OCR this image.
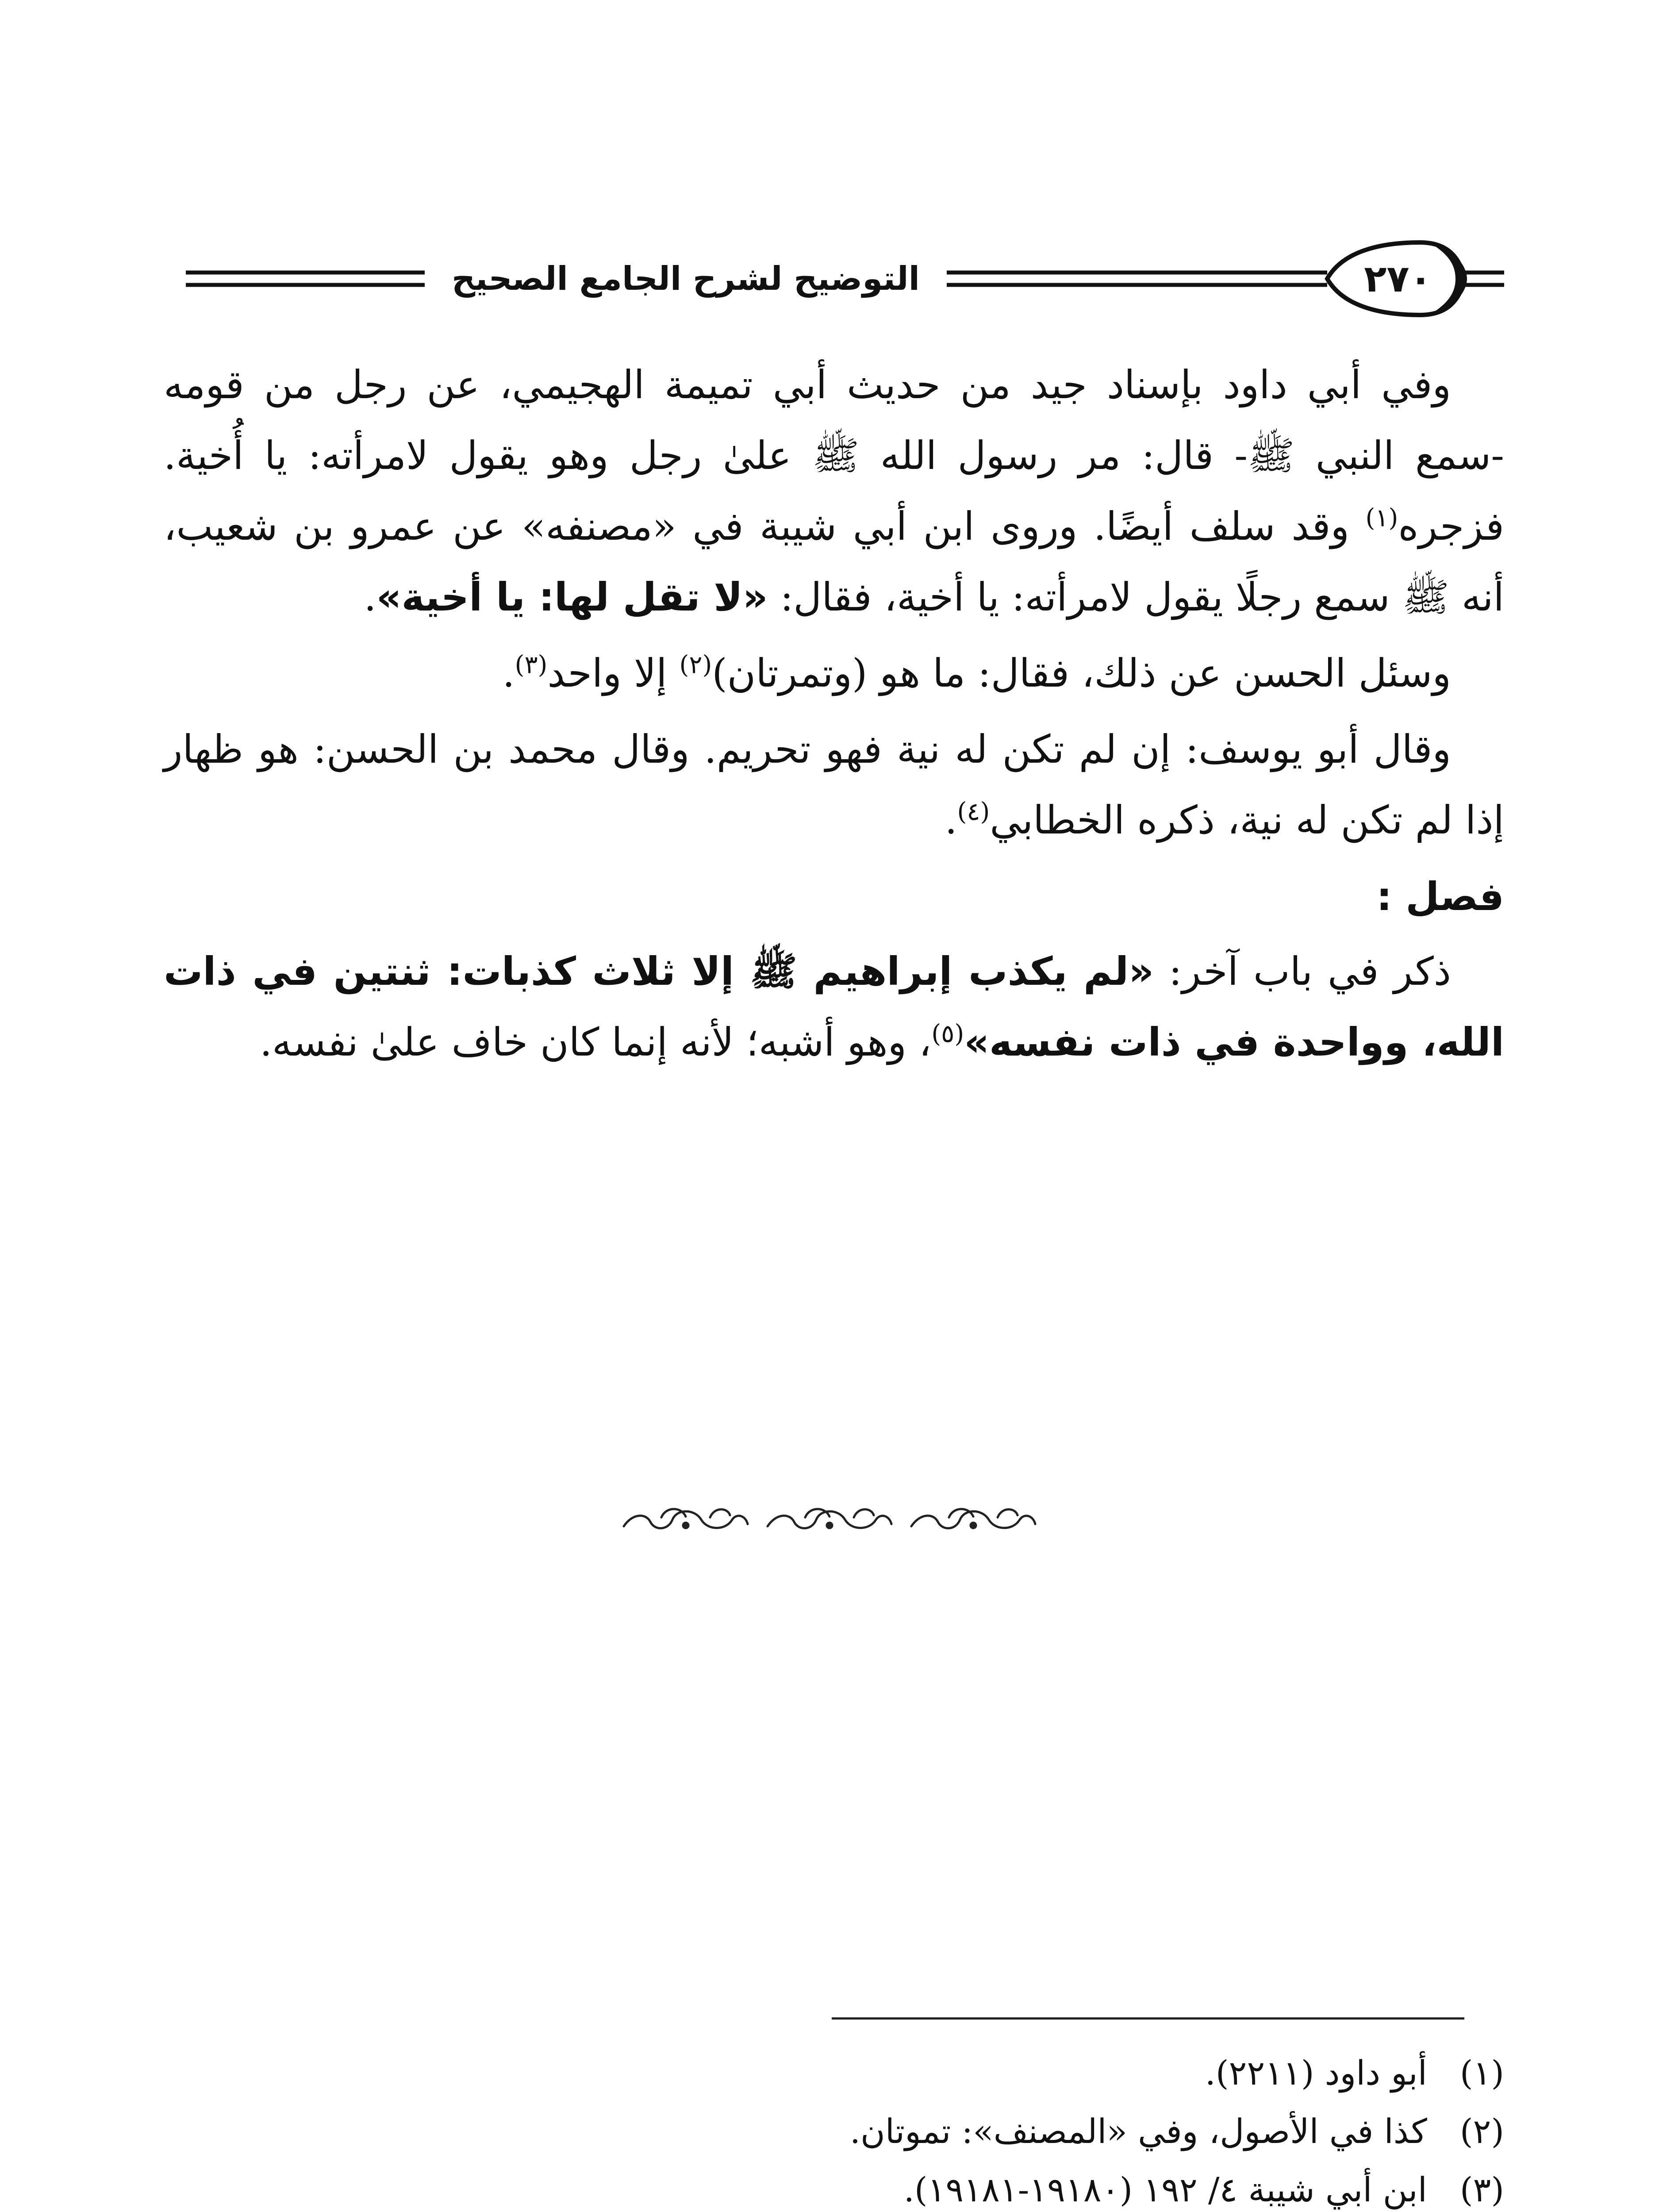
التوضيح لشرح الجامع الصحيح	٢٧٠

وفي أبي داود بإسناد جيد من حديث أبي تميمة الهجيمي، عن رجل من قومه -سمع النبي ﷺ- قال: مر رسول الله ﷺ علىٰ رجل وهو يقول لامرأته: يا أُخية. فزجره$^{(١)}$ وقد سلف أيضًا. وروى ابن أبي شيبة في «مصنفه» عن عمرو بن شعيب، أنه ﷺ سمع رجلًا يقول لامرأته: يا أخية، فقال: «لا تقل لها: يا أخية».

وسئل الحسن عن ذلك، فقال: ما هو (وتمرتان)$^{(٢)}$ إلا واحد$^{(٣)}$.

وقال أبو يوسف: إن لم تكن له نية فهو تحريم. وقال محمد بن الحسن: هو ظهار إذا لم تكن له نية، ذكره الخطابي$^{(٤)}$.

فصل :

ذكر في باب آخر: «لم يكذب إبراهيم ﷺ إلا ثلاث كذبات: ثنتين في ذات الله، وواحدة في ذات نفسه»$^{(٥)}$، وهو أشبه؛ لأنه إنما كان خاف علىٰ نفسه.

(١) أبو داود (٢٢١١).
(٢) كذا في الأصول، وفي «المصنف»: تموتان.
(٣) ابن أبي شيبة ٤/ ١٩٢ (١٩١٨٠-١٩١٨١).
